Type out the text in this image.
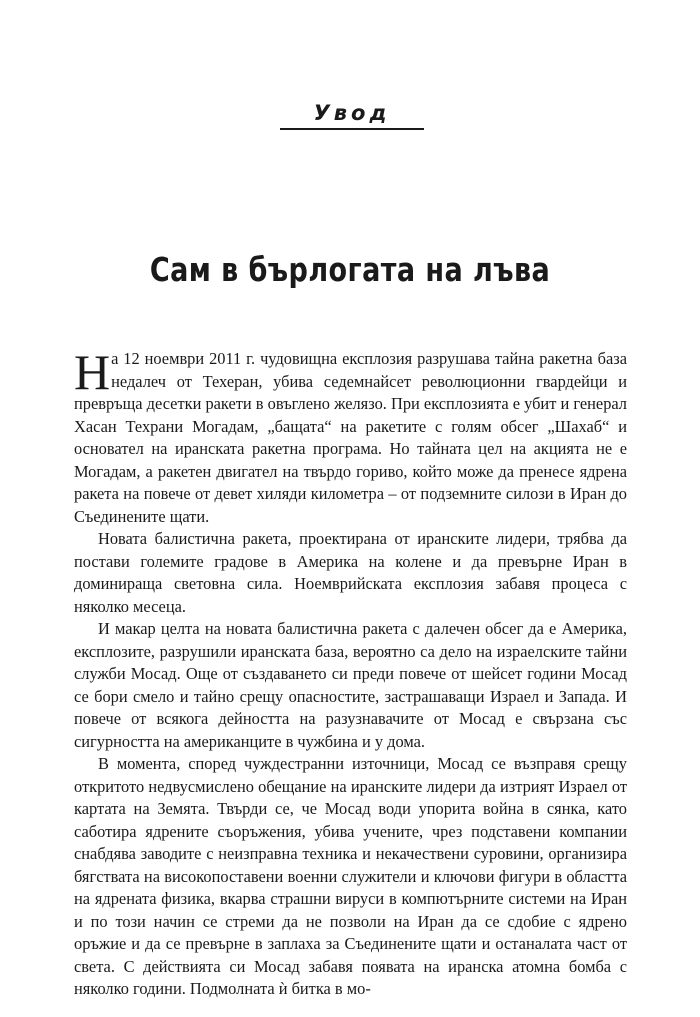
Увод
Сам в бърлогата на лъва

На 12 ноември 2011 г. чудовищна експлозия разрушава тайна ракетна база недалеч от Техеран, убива седемнайсет революционни гвардейци и превръща десетки ракети в овъглено желязо. При експлозията е убит и генерал Хасан Техрани Могадам, „бащата“ на ракетите с голям обсег „Шахаб“ и основател на иранската ракетна програма. Но тайната цел на акцията не е Могадам, а ракетен двигател на твърдо гориво, който може да пренесе ядрена ракета на повече от девет хиляди километра – от подземните силози в Иран до Съединените щати.

Новата балистична ракета, проектирана от иранските лидери, трябва да постави големите градове в Америка на колене и да превърне Иран в доминираща световна сила. Ноемврийската експлозия забавя процеса с няколко месеца.

И макар целта на новата балистична ракета с далечен обсег да е Америка, експлозите, разрушили иранската база, вероятно са дело на израелските тайни служби Мосад. Още от създаването си преди повече от шейсет години Мосад се бори смело и тайно срещу опасностите, застрашаващи Израел и Запада. И повече от всякога дейността на разузнавачите от Мосад е свързана със сигурността на американците в чужбина и у дома.

В момента, според чуждестранни източници, Мосад се възправя срещу откритото недвусмислено обещание на иранските лидери да изтрият Израел от картата на Земята. Твърди се, че Мосад води упорита война в сянка, като саботира ядрените съоръжения, убива учените, чрез подставени компании снабдява заводите с неизправна техника и некачествени суровини, организира бягствата на високопоставени военни служители и ключови фигури в областта на ядрената физика, вкарва страшни вируси в компютърните системи на Иран и по този начин се стреми да не позволи на Иран да се сдобие с ядрено оръжие и да се превърне в заплаха за Съединените щати и останалата част от света. С действията си Мосад забавя появата на иранска атомна бомба с няколко години. Подмолната ѝ битка в мо-
